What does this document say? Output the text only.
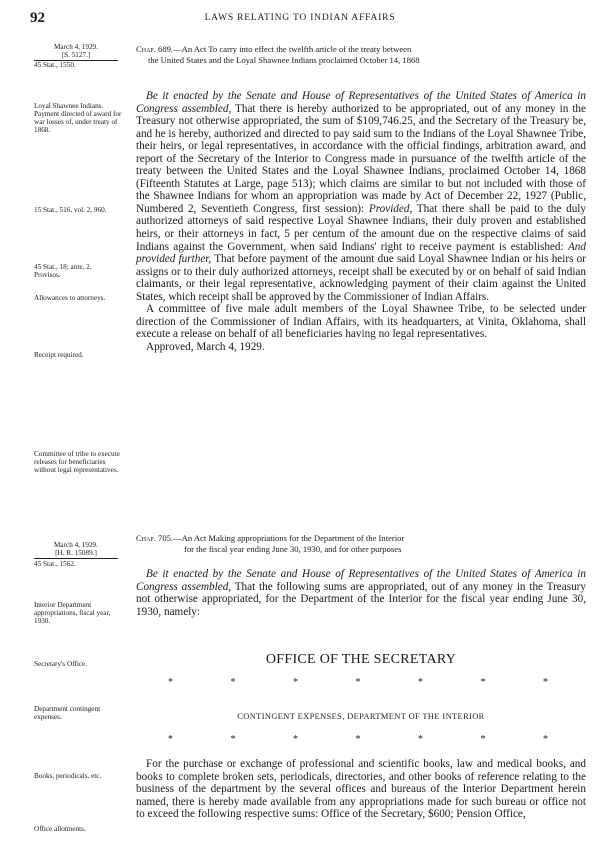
92	LAWS RELATING TO INDIAN AFFAIRS
March 4, 1929.
[S. 5127.]
45 Stat., 1550.
Loyal Shawnee Indians.
Payment directed of award for war losses of, under treaty of 1868.
15 Stat., 516, vol. 2, 960.
45 Stat., 18; ante, 2.
Provisos.
Allowances to attorneys.
Receipt required.
Committee of tribe to execute releases for beneficiaries without legal representatives.
Chap. 689.—An Act To carry into effect the twelfth article of the treaty between
the United States and the Loyal Shawnee Indians proclaimed October 14, 1868

Be it enacted by the Senate and House of Representatives of the United States of America in Congress assembled, That there is hereby authorized to be appropriated, out of any money in the Treasury not otherwise appropriated, the sum of $109,746.25, and the Secretary of the Treasury be, and he is hereby, authorized and directed to pay said sum to the Indians of the Loyal Shawnee Tribe, their heirs, or legal representatives, in accordance with the official findings, arbitration award, and report of the Secretary of the Interior to Congress made in pursuance of the twelfth article of the treaty between the United States and the Loyal Shawnee Indians, proclaimed October 14, 1868 (Fifteenth Statutes at Large, page 513); which claims are similar to but not included with those of the Shawnee Indians for whom an appropriation was made by Act of December 22, 1927 (Public, Numbered 2, Seventieth Congress, first session): Provided, That there shall be paid to the duly authorized attorneys of said respective Loyal Shawnee Indians, their duly proven and established heirs, or their attorneys in fact, 5 per centum of the amount due on the respective claims of said Indians against the Government, when said Indians' right to receive payment is established: And provided further, That before payment of the amount due said Loyal Shawnee Indian or his heirs or assigns or to their duly authorized attorneys, receipt shall be executed by or on behalf of said Indian claimants, or their legal representative, acknowledging payment of their claim against the United States, which receipt shall be approved by the Commissioner of Indian Affairs.

A committee of five male adult members of the Loyal Shawnee Tribe, to be selected under direction of the Commissioner of Indian Affairs, with its headquarters, at Vinita, Oklahoma, shall execute a release on behalf of all beneficiaries having no legal representatives.

Approved, March 4, 1929.

March 4, 1929.
[H. R. 15089.]
45 Stat., 1562.
Interior Department appropriations, fiscal year, 1930.
Secretary's Office.
Department contingent expenses.
Books, periodicals, etc.
Office allotments.
Chap. 705.—An Act Making appropriations for the Department of the Interior
for the fiscal year ending June 30, 1930, and for other purposes

Be it enacted by the Senate and House of Representatives of the United States of America in Congress assembled, That the following sums are appropriated, out of any money in the Treasury not otherwise appropriated, for the Department of the Interior for the fiscal year ending June 30, 1930, namely:

OFFICE OF THE SECRETARY
*	*	*	*	*	*	*
CONTINGENT EXPENSES, DEPARTMENT OF THE INTERIOR
*	*	*	*	*	*	*

For the purchase or exchange of professional and scientific books, law and medical books, and books to complete broken sets, periodicals, directories, and other books of reference relating to the business of the department by the several offices and bureaus of the Interior Department herein named, there is hereby made available from any appropriations made for such bureau or office not to exceed the following respective sums: Office of the Secretary, $600; Pension Office,
